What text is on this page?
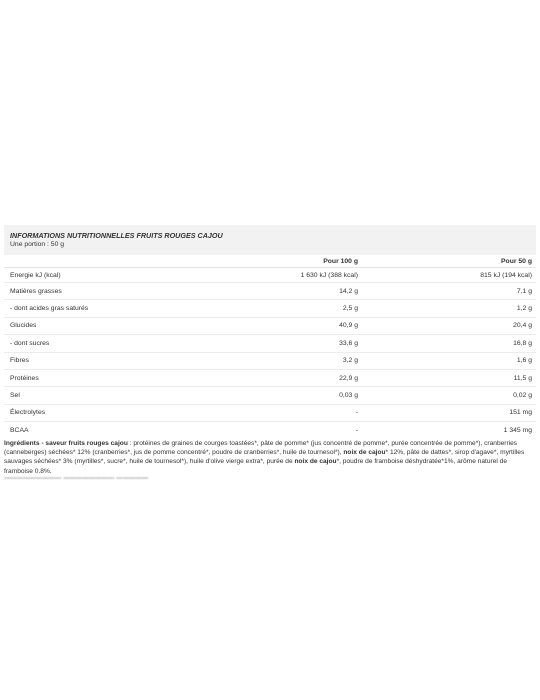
INFORMATIONS NUTRITIONNELLES FRUITS ROUGES CAJOU
Une portion : 50 g
	Pour 100 g	Pour 50 g
Energie kJ (kcal)	1 630 kJ (388 kcal)	815 kJ (194 kcal)
Matières grasses	14,2 g	7,1 g
- dont acides gras saturés	2,5 g	1,2 g
Glucides	40,9 g	20,4 g
- dont sucres	33,6 g	16,8 g
Fibres	3,2 g	1,6 g
Protéines	22,9 g	11,5 g
Sel	0,03 g	0,02 g
Électrolytes	-	151 mg
BCAA	-	1 345 mg

Ingrédients - saveur fruits rouges cajou : protéines de graines de courges toastées*, pâte de pomme* (jus concentré de pomme*, purée concentrée de pomme*), cranberries (canneberges) séchées* 12% (cranberries*, jus de pomme concentré*, poudre de cranberries*, huile de tournesol*), noix de cajou* 12%, pâte de dattes*, sirop d'agave*, myrtilles sauvages séchées* 3% (myrtilles*, sucre*, huile de tournesol*), huile d'olive vierge extra*, purée de noix de cajou*, poudre de framboise déshydratée*1%, arôme naturel de framboise 0.8%.

▬▬▬▬▬▬▬▬▬ ▬▬▬▬▬▬▬▬ ▬▬▬▬▬
